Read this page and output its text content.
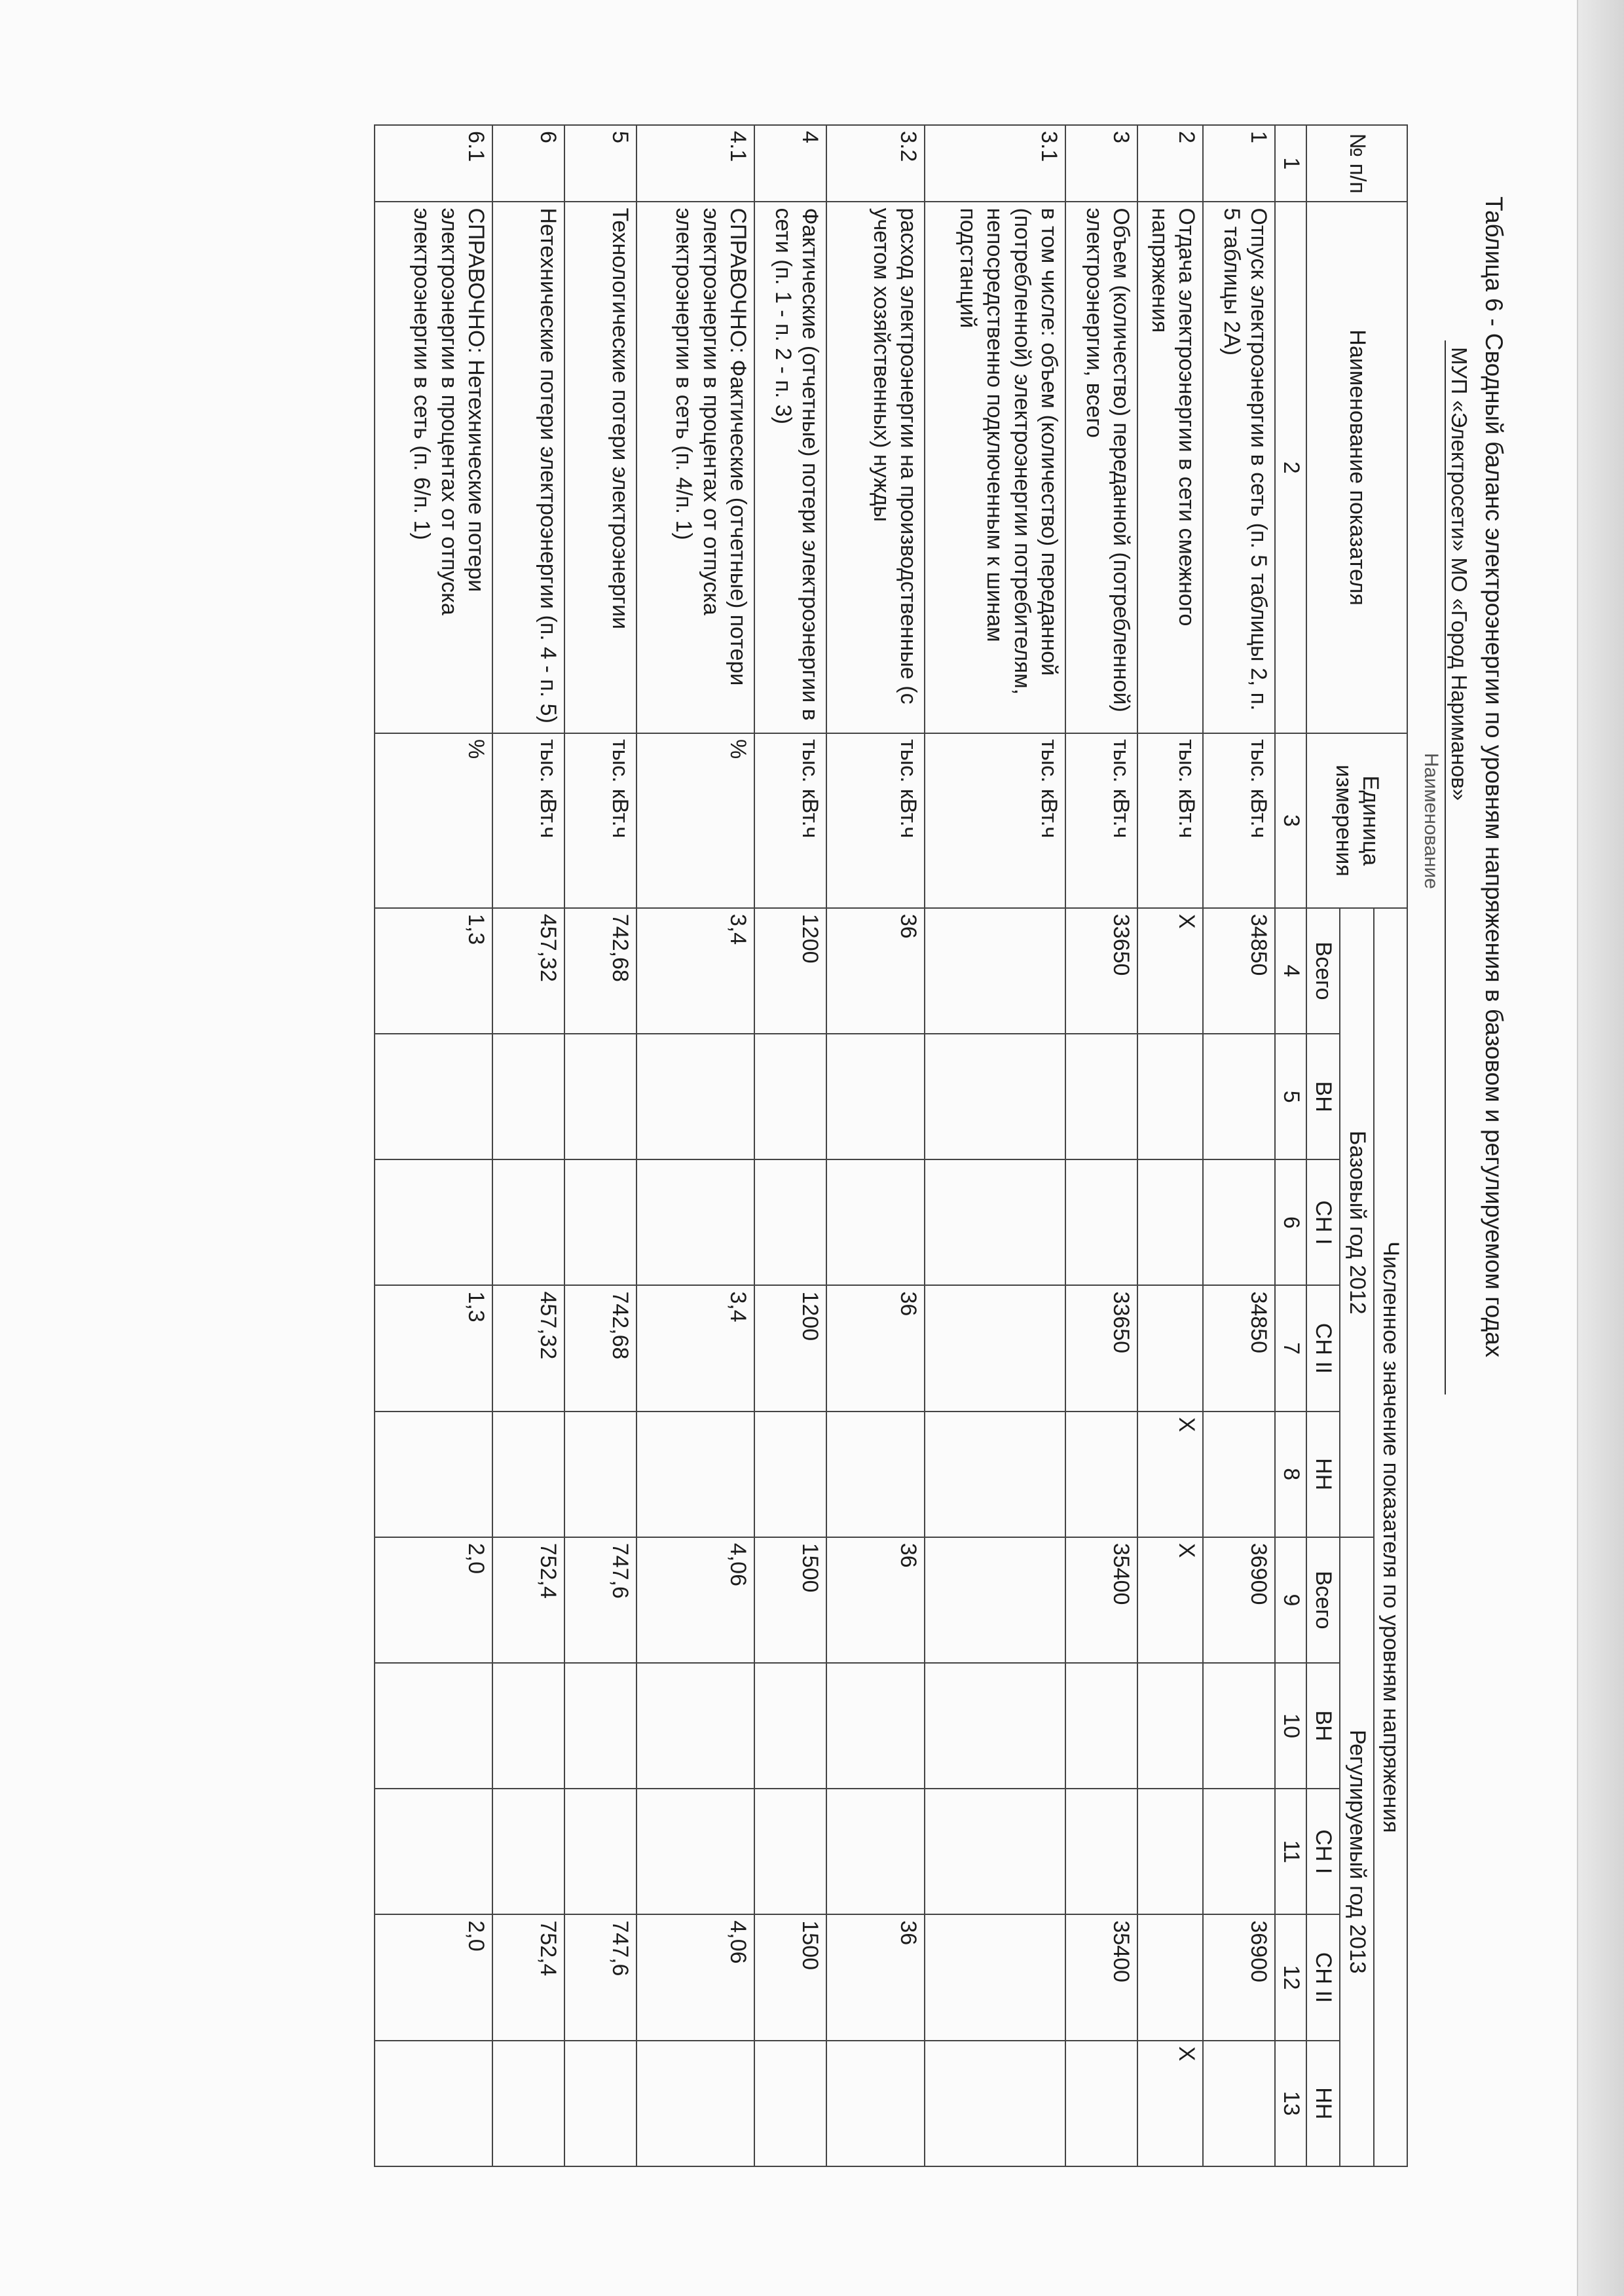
Таблица 6 - Сводный баланс электроэнергии по уровням напряжения в базовом и регулируемом годах
МУП «Электросети» МО «Город Нариманов»
Наименование
№ п/п	Наименование показателя	Единица измерения	Численное значение показателя по уровням напряжения									
			Базовый год 2012					Регулируемый год 2013				
			Всего	ВН	СН I	СН II	НН	Всего	ВН	СН I	СН II	НН
1	2	3	4	5	6	7	8	9	10	11	12	13
1	Отпуск электроэнергии в сеть (п. 5 таблицы 2, п. 5 таблицы 2А)	тыс. кВт.ч	34850			34850		36900			36900	
2	Отдача электроэнергии в сети смежного напряжения	тыс. кВт.ч	Х				Х	Х				Х
3	Объем (количество) переданной (потребленной) электроэнергии, всего	тыс. кВт.ч	33650			33650		35400			35400	
3.1	в том числе: объем (количество) переданной (потребленной) электроэнергии потребителям, непосредственно подключенным к шинам подстанций	тыс. кВт.ч										
3.2	расход электроэнергии на производственные (с учетом хозяйственных) нужды	тыс. кВт.ч	36			36		36			36	
4	Фактические (отчетные) потери электроэнергии в сети (п. 1 - п. 2 - п. 3)	тыс. кВт.ч	1200			1200		1500			1500	
4.1	СПРАВОЧНО: Фактические (отчетные) потери электроэнергии в процентах от отпуска электроэнергии в сеть (п. 4/п. 1)	%	3,4			3,4		4,06			4,06	
5	Технологические потери электроэнергии	тыс. кВт.ч	742,68			742,68		747,6			747,6	
6	Нетехнические потери электроэнергии (п. 4 - п. 5)	тыс. кВт.ч	457,32			457,32		752,4			752,4	
6.1	СПРАВОЧНО: Нетехнические потери электроэнергии в процентах от отпуска электроэнергии в сеть (п. 6/п. 1)	%	1,3			1,3		2,0			2,0	
